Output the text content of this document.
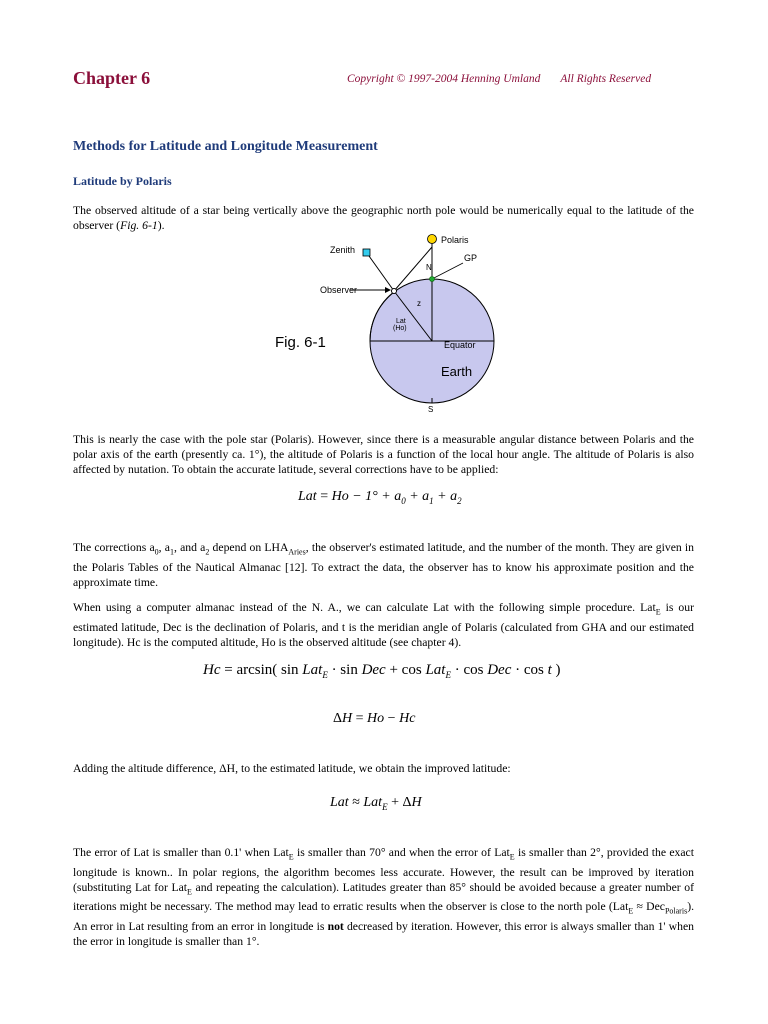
Chapter 6	Copyright © 1997-2004 Henning Umland All Rights Reserved
Methods for Latitude and Longitude Measurement
Latitude by Polaris
The observed altitude of a star being vertically above the geographic north pole would be numerically equal to the latitude of the observer (Fig. 6-1).
Polaris
Zenith
GP
Observer
N
z
Lat
(Ho)
Equator
Earth
S
Fig. 6-1
This is nearly the case with the pole star (Polaris). However, since there is a measurable angular distance between Polaris and the polar axis of the earth (presently ca. 1°), the altitude of Polaris is a function of the local hour angle. The altitude of Polaris is also affected by nutation. To obtain the accurate latitude, several corrections have to be applied:
Lat = $Ho - 1^\circ + a_0 + a_1 + a_2$
The corrections $a_0$, $a_1$, and $a_2$ depend on $LHA_{Aries}$, the observer's estimated latitude, and the number of the month. They are given in the Polaris Tables of the Nautical Almanac [12]. To extract the data, the observer has to know his approximate position and the approximate time.
When using a computer almanac instead of the N. A., we can calculate Lat with the following simple procedure. Lat$_E$ is our estimated latitude, Dec is the declination of Polaris, and t is the meridian angle of Polaris (calculated from GHA and our estimated longitude). Hc is the computed altitude, Ho is the observed altitude (see chapter 4).
Hc = arcsin( sin Lat$_E$ · sin Dec + cos Lat$_E$ · cos Dec · cos t )
ΔH = Ho − Hc
Adding the altitude difference, ΔH, to the estimated latitude, we obtain the improved latitude:
Lat ≈ Lat$_E$ + ΔH
The error of Lat is smaller than 0.1' when Lat$_E$ is smaller than 70° and when the error of Lat$_E$ is smaller than 2°, provided the exact longitude is known.. In polar regions, the algorithm becomes less accurate. However, the result can be improved by iteration (substituting Lat for Lat$_E$ and repeating the calculation). Latitudes greater than 85° should be avoided because a greater number of iterations might be necessary. The method may lead to erratic results when the observer is close to the north pole (Lat$_E$ ≈ Dec$_{Polaris}$). An error in Lat resulting from an error in longitude is not decreased by iteration. However, this error is always smaller than 1' when the error in longitude is smaller than 1°.
